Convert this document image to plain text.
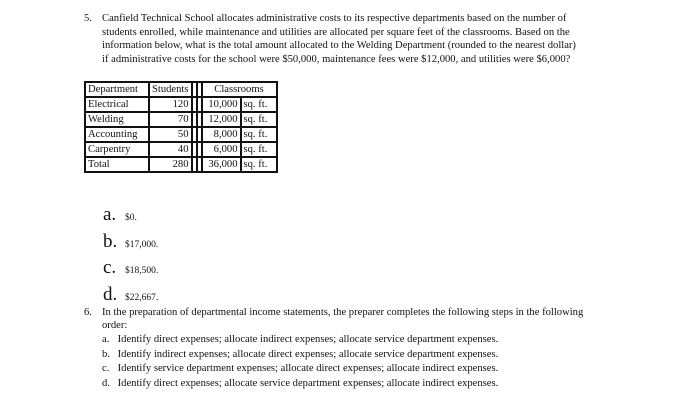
5. Canfield Technical School allocates administrative costs to its respective departments based on the number of
students enrolled, while maintenance and utilities are allocated per square feet of the classrooms. Based on the
information below, what is the total amount allocated to the Welding Department (rounded to the nearest dollar)
if administrative costs for the school were $50,000, maintenance fees were $12,000, and utilities were $6,000?
Department	Students			Classrooms	
Electrical	120			10,000	sq. ft.
Welding	70			12,000	sq. ft.
Accounting	50			8,000	sq. ft.
Carpentry	40			6,000	sq. ft.
Total	280			36,000	sq. ft.
a. $0.
b. $17,000.
c. $18,500.
d. $22,667.
6. In the preparation of departmental income statements, the preparer completes the following steps in the following
order:
a. Identify direct expenses; allocate indirect expenses; allocate service department expenses.
b. Identify indirect expenses; allocate direct expenses; allocate service department expenses.
c. Identify service department expenses; allocate direct expenses; allocate indirect expenses.
d. Identify direct expenses; allocate service department expenses; allocate indirect expenses.
